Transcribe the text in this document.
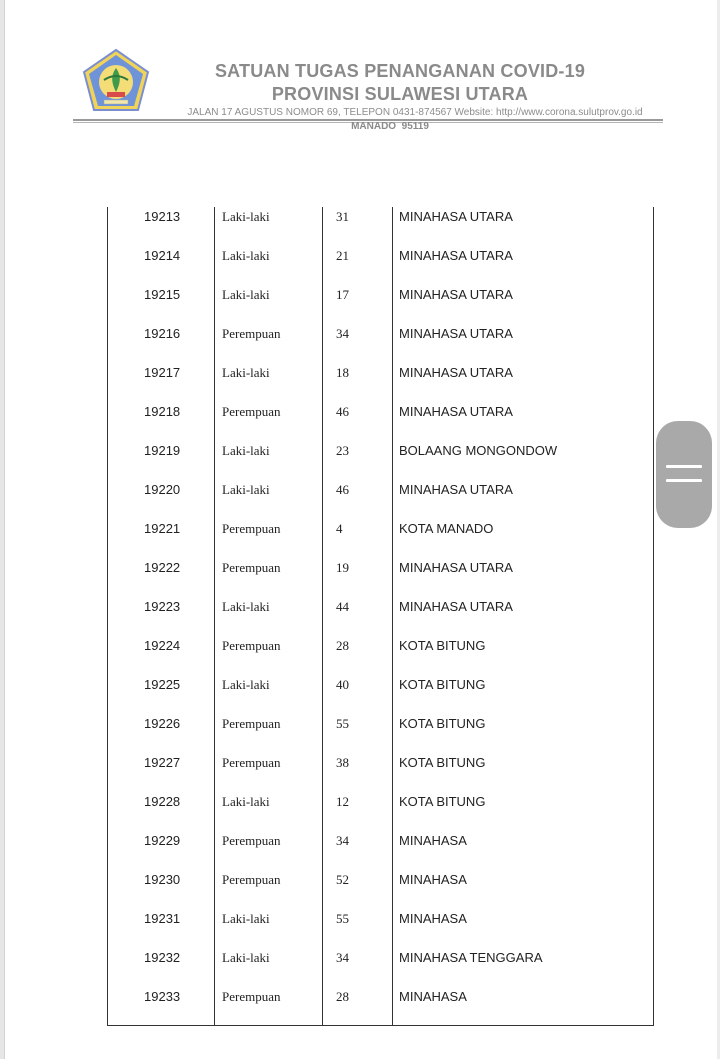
SATUAN TUGAS PENANGANAN COVID-19
PROVINSI SULAWESI UTARA
JALAN 17 AGUSTUS NOMOR 69, TELEPON 0431-874567 Website: http://www.corona.sulutprov.go.id
MANADO  95119
19213	Laki-laki	31	MINAHASA UTARA
19214	Laki-laki	21	MINAHASA UTARA
19215	Laki-laki	17	MINAHASA UTARA
19216	Perempuan	34	MINAHASA UTARA
19217	Laki-laki	18	MINAHASA UTARA
19218	Perempuan	46	MINAHASA UTARA
19219	Laki-laki	23	BOLAANG MONGONDOW
19220	Laki-laki	46	MINAHASA UTARA
19221	Perempuan	4	KOTA MANADO
19222	Perempuan	19	MINAHASA UTARA
19223	Laki-laki	44	MINAHASA UTARA
19224	Perempuan	28	KOTA BITUNG
19225	Laki-laki	40	KOTA BITUNG
19226	Perempuan	55	KOTA BITUNG
19227	Perempuan	38	KOTA BITUNG
19228	Laki-laki	12	KOTA BITUNG
19229	Perempuan	34	MINAHASA
19230	Perempuan	52	MINAHASA
19231	Laki-laki	55	MINAHASA
19232	Laki-laki	34	MINAHASA TENGGARA
19233	Perempuan	28	MINAHASA
